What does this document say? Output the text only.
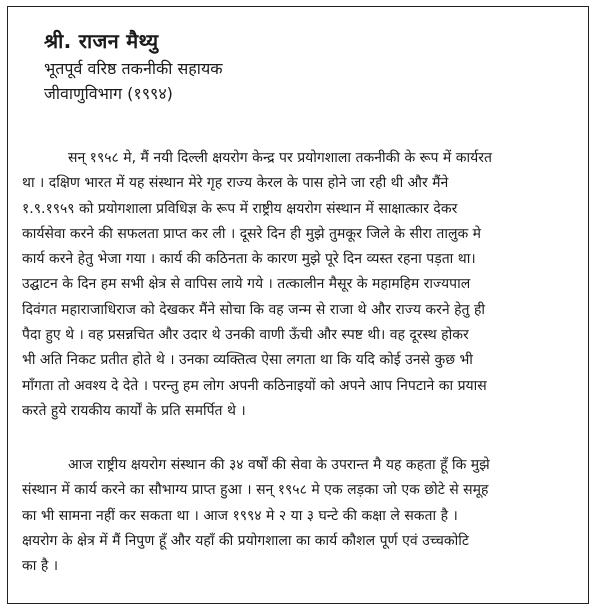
श्री. राजन मैथ्यु
भूतपूर्व वरिष्ठ तकनीकी सहायक
जीवाणुविभाग (१९९४)
सन् १९५८ मे, मैं नयी दिल्ली क्षयरोग केन्द्र पर प्रयोगशाला तकनीकी के रूप में कार्यरत
था । दक्षिण भारत में यह संस्थान मेरे गृह राज्य केरल के पास होने जा रही थी और मैंने
१.९.१९५९ को प्रयोगशाला प्रविधिज्ञ के रूप में राष्ट्रीय क्षयरोग संस्थान में साक्षात्कार देकर
कार्यसेवा करने की सफलता प्राप्त कर ली । दूसरे दिन ही मुझे तुमकूर जिले के सीरा तालुक मे
कार्य करने हेतु भेजा गया । कार्य की कठिनता के कारण मुझे पूरे दिन व्यस्त रहना पड़ता था।
उद्घाटन के दिन हम सभी क्षेत्र से वापिस लाये गये । तत्कालीन मैसूर के महामहिम राज्यपाल
दिवंगत महाराजाधिराज को देखकर मैंने सोचा कि वह जन्म से राजा थे और राज्य करने हेतु ही
पैदा हुए थे । वह प्रसन्नचित और उदार थे उनकी वाणी ऊँची और स्पष्ट थी। वह दूरस्थ होकर
भी अति निकट प्रतीत होते थे । उनका व्यक्तित्व ऐसा लगता था कि यदि कोई उनसे कुछ भी
माँगता तो अवश्य दे देते । परन्तु हम लोग अपनी कठिनाइयों को अपने आप निपटाने का प्रयास
करते हुये रायकीय कार्यों के प्रति समर्पित थे ।
आज राष्ट्रीय क्षयरोग संस्थान की ३४ वर्षों की सेवा के उपरान्त मै यह कहता हूँ कि मुझे
संस्थान में कार्य करने का सौभाग्य प्राप्त हुआ । सन् १९५८ मे एक लड़का जो एक छोटे से समूह
का भी सामना नहीं कर सकता था । आज १९९४ मे २ या ३ घन्टे की कक्षा ले सकता है ।
क्षयरोग के क्षेत्र में मैं निपुण हूँ और यहाँ की प्रयोगशाला का कार्य कौशल पूर्ण एवं उच्चकोटि
का है ।
